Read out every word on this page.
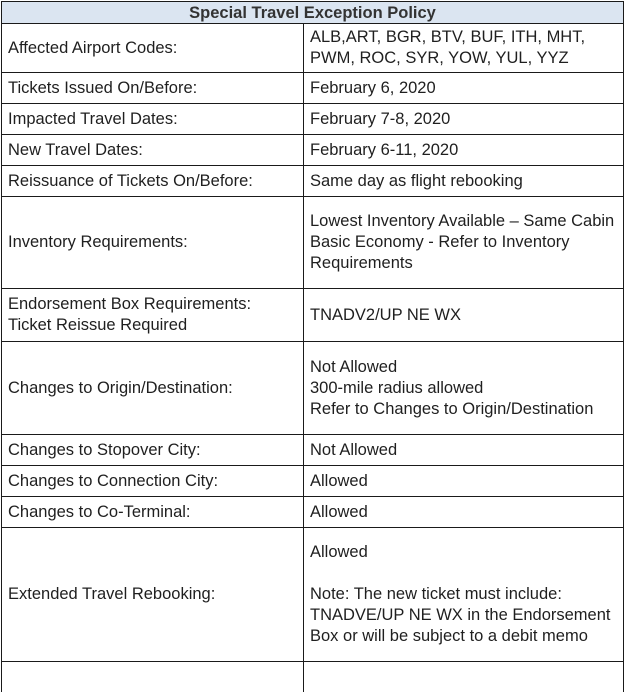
Special Travel Exception Policy	

Affected Airport Codes:	ALB,ART, BGR, BTV, BUF, ITH, MHT, PWM, ROC, SYR, YOW, YUL, YYZ

Tickets Issued On/Before:	February 6, 2020

Impacted Travel Dates:	February 7-8, 2020

New Travel Dates:	February 6-11, 2020

Reissuance of Tickets On/Before:	Same day as flight rebooking

Inventory Requirements:	Lowest Inventory Available – Same Cabin
Basic Economy - Refer to Inventory Requirements

Endorsement Box Requirements:
Ticket Reissue Required	TNADV2/UP NE WX

Changes to Origin/Destination:	Not Allowed
300-mile radius allowed
Refer to Changes to Origin/Destination

Changes to Stopover City:	Not Allowed

Changes to Connection City:	Allowed

Changes to Co-Terminal:	Allowed

Extended Travel Rebooking:	Allowed
Note: The new ticket must include: TNADVE/UP NE WX in the Endorsement Box or will be subject to a debit memo
